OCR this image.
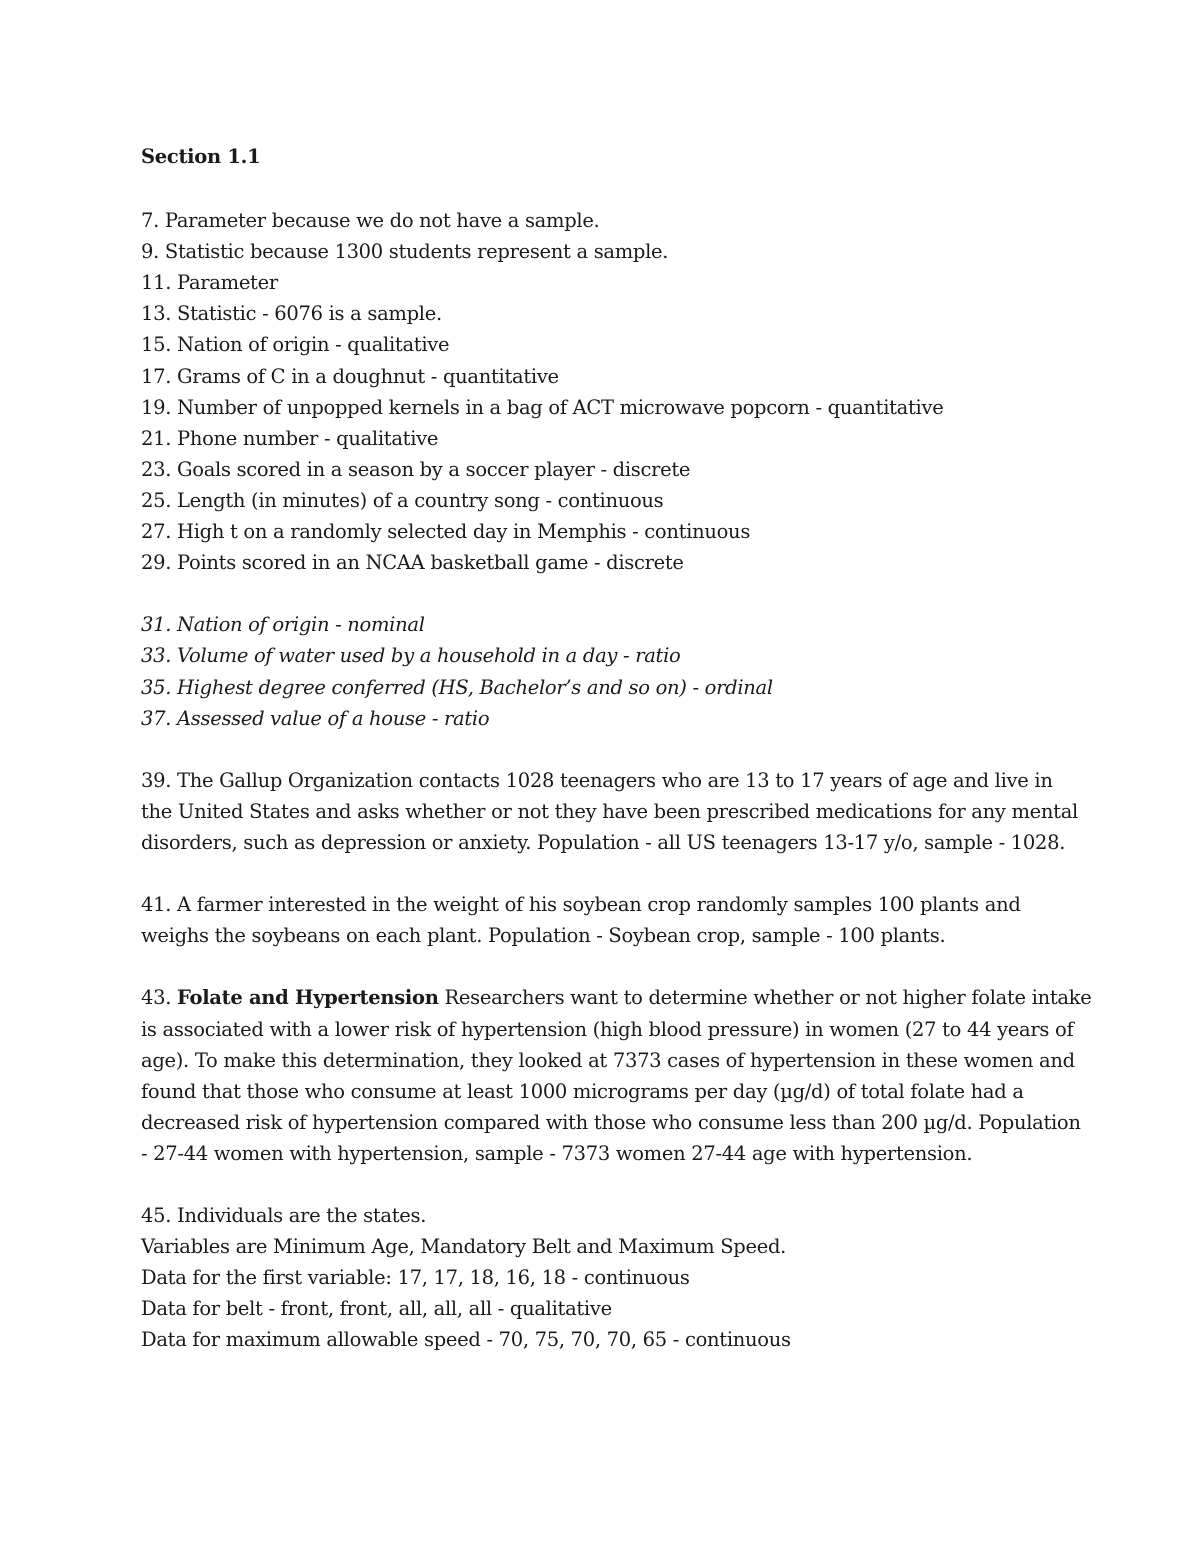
Section 1.1
7. Parameter because we do not have a sample.
9. Statistic because 1300 students represent a sample.
11. Parameter
13. Statistic - 6076 is a sample.
15. Nation of origin - qualitative
17. Grams of C in a doughnut - quantitative
19. Number of unpopped kernels in a bag of ACT microwave popcorn - quantitative
21. Phone number - qualitative
23. Goals scored in a season by a soccer player - discrete
25. Length (in minutes) of a country song - continuous
27. High t on a randomly selected day in Memphis - continuous
29. Points scored in an NCAA basketball game - discrete
31. Nation of origin - nominal
33. Volume of water used by a household in a day - ratio
35. Highest degree conferred (HS, Bachelor’s and so on) - ordinal
37. Assessed value of a house - ratio
39. The Gallup Organization contacts 1028 teenagers who are 13 to 17 years of age and live in
the United States and asks whether or not they have been prescribed medications for any mental
disorders, such as depression or anxiety. Population - all US teenagers 13-17 y/o, sample - 1028.
41. A farmer interested in the weight of his soybean crop randomly samples 100 plants and
weighs the soybeans on each plant. Population - Soybean crop, sample - 100 plants.
43. Folate and Hypertension Researchers want to determine whether or not higher folate intake
is associated with a lower risk of hypertension (high blood pressure) in women (27 to 44 years of
age). To make this determination, they looked at 7373 cases of hypertension in these women and
found that those who consume at least 1000 micrograms per day (µg/d) of total folate had a
decreased risk of hypertension compared with those who consume less than 200 µg/d. Population
- 27-44 women with hypertension, sample - 7373 women 27-44 age with hypertension.
45. Individuals are the states.
Variables are Minimum Age, Mandatory Belt and Maximum Speed.
Data for the first variable: 17, 17, 18, 16, 18 - continuous
Data for belt - front, front, all, all, all - qualitative
Data for maximum allowable speed - 70, 75, 70, 70, 65 - continuous
